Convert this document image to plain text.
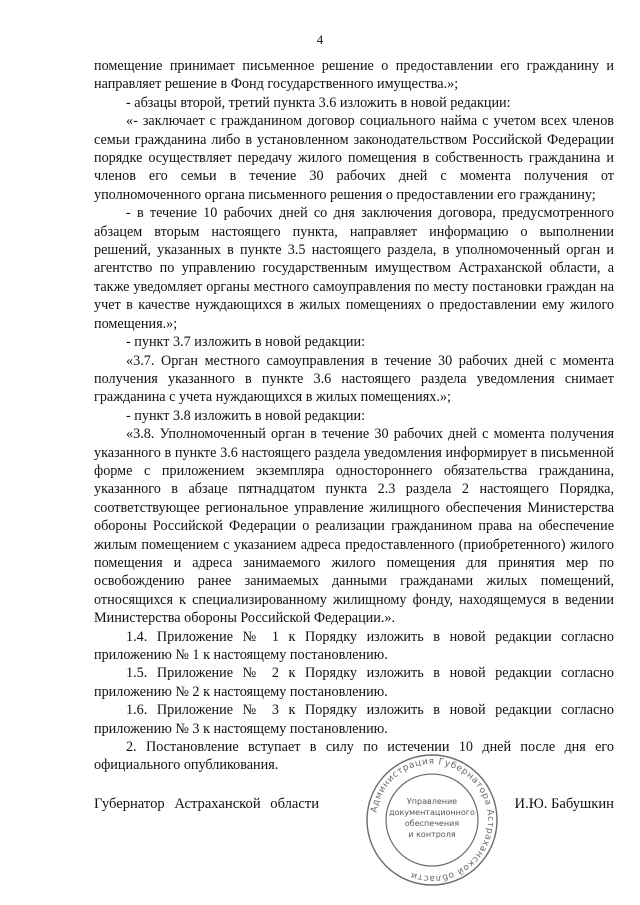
4

помещение принимает письменное решение о предоставлении его гражданину и направляет решение в Фонд государственного имущества.»;

- абзацы второй, третий пункта 3.6 изложить в новой редакции:

«- заключает с гражданином договор социального найма с учетом всех членов семьи гражданина либо в установленном законодательством Российской Федерации порядке осуществляет передачу жилого помещения в собственность гражданина и членов его семьи в течение 30 рабочих дней с момента получения от уполномоченного органа письменного решения о предоставлении его гражданину;

- в течение 10 рабочих дней со дня заключения договора, предусмотренного абзацем вторым настоящего пункта, направляет информацию о выполнении решений, указанных в пункте 3.5 настоящего раздела, в уполномоченный орган и агентство по управлению государственным имуществом Астраханской области, а также уведомляет органы местного самоуправления по месту постановки граждан на учет в качестве нуждающихся в жилых помещениях о предоставлении ему жилого помещения.»;

- пункт 3.7 изложить в новой редакции:

«3.7. Орган местного самоуправления в течение 30 рабочих дней с момента получения указанного в пункте 3.6 настоящего раздела уведомления снимает гражданина с учета нуждающихся в жилых помещениях.»;

- пункт 3.8 изложить в новой редакции:

«3.8. Уполномоченный орган в течение 30 рабочих дней с момента получения указанного в пункте 3.6 настоящего раздела уведомления информирует в письменной форме с приложением экземпляра одностороннего обязательства гражданина, указанного в абзаце пятнадцатом пункта 2.3 раздела 2 настоящего Порядка, соответствующее региональное управление жилищного обеспечения Министерства обороны Российской Федерации о реализации гражданином права на обеспечение жилым помещением с указанием адреса предоставленного (приобретенного) жилого помещения и адреса занимаемого жилого помещения для принятия мер по освобождению ранее занимаемых данными гражданами жилых помещений, относящихся к специализированному жилищному фонду, находящемуся в ведении Министерства обороны Российской Федерации.».

1.4. Приложение № 1 к Порядку изложить в новой редакции согласно приложению № 1 к настоящему постановлению.

1.5. Приложение № 2 к Порядку изложить в новой редакции согласно приложению № 2 к настоящему постановлению.

1.6. Приложение № 3 к Порядку изложить в новой редакции согласно приложению № 3 к настоящему постановлению.

2. Постановление вступает в силу по истечении 10 дней после дня его официального опубликования.

Губернатор Астраханской области	И.Ю. Бабушкин
Администрация Губернатора Астраханской области
Управление
документационного
обеспечения
и контроля
